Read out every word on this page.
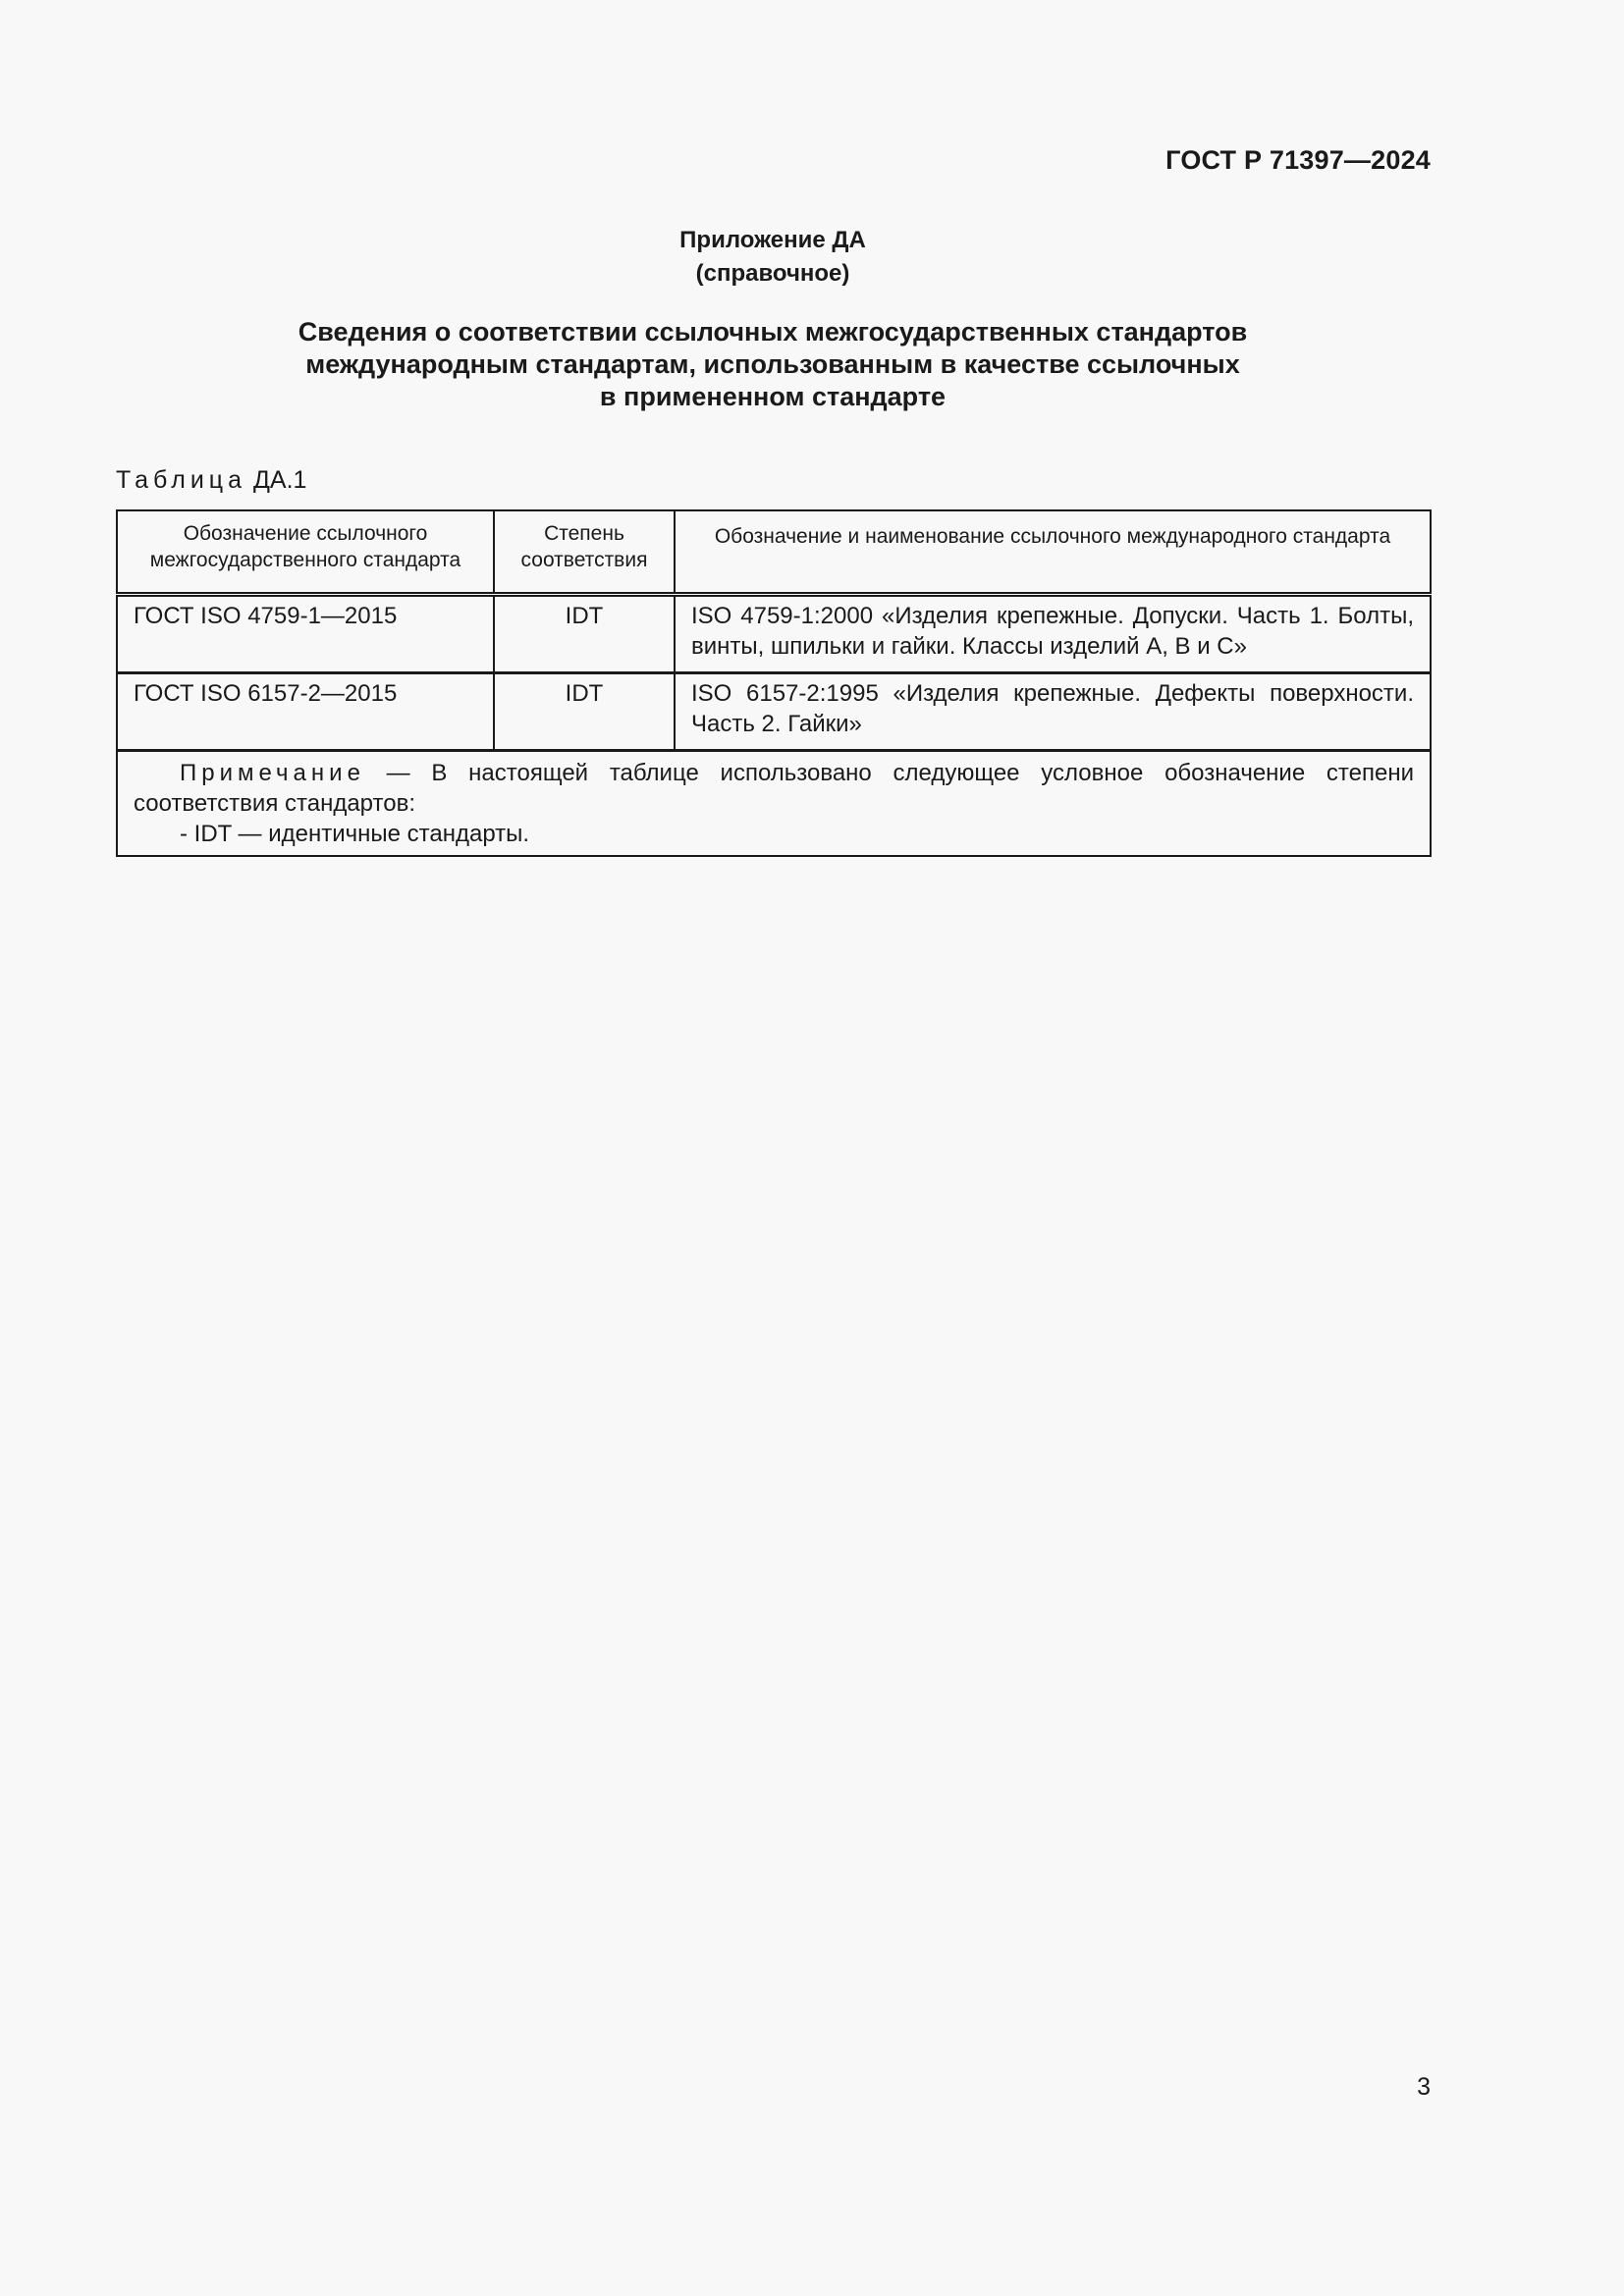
ГОСТ Р 71397—2024
Приложение ДА
(справочное)
Сведения о соответствии ссылочных межгосударственных стандартов
международным стандартам, использованным в качестве ссылочных
в примененном стандарте
Таблица ДА.1
Обозначение ссылочного межгосударственного стандарта	Степень соответствия	Обозначение и наименование ссылочного международного стандарта
ГОСТ ISO 4759-1—2015	IDT	ISO 4759-1:2000 «Изделия крепежные. Допуски. Часть 1. Болты, винты, шпильки и гайки. Классы изделий А, В и С»
ГОСТ ISO 6157-2—2015	IDT	ISO 6157-2:1995 «Изделия крепежные. Дефекты поверхности. Часть 2. Гайки»

Примечание — В настоящей таблице использовано следующее условное обозначение степени соответствия стандартов:
- IDT — идентичные стандарты.		
3
